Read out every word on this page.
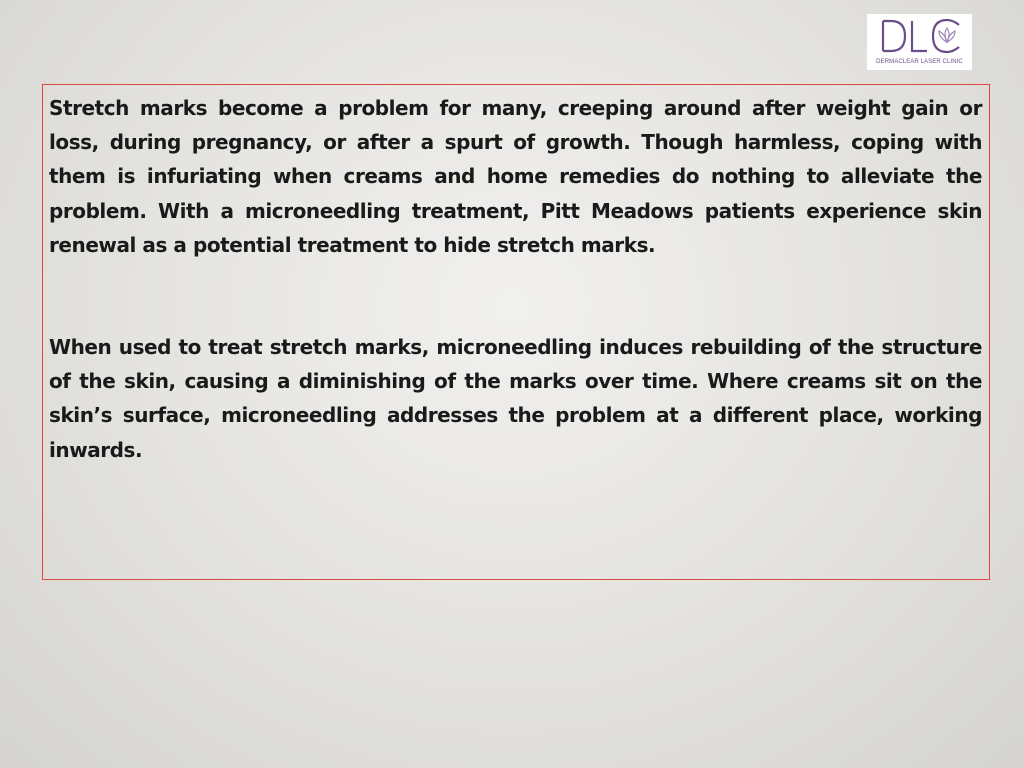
DERMACLEAR LASER CLINIC

Stretch marks become a problem for many, creeping around after weight gain or loss, during pregnancy, or after a spurt of growth. Though harmless, coping with them is infuriating when creams and home remedies do nothing to alleviate the problem. With a microneedling treatment, Pitt Meadows patients experience skin renewal as a potential treatment to hide stretch marks.

When used to treat stretch marks, microneedling induces rebuilding of the structure of the skin, causing a diminishing of the marks over time. Where creams sit on the skin’s surface, microneedling addresses the problem at a different place, working inwards.
